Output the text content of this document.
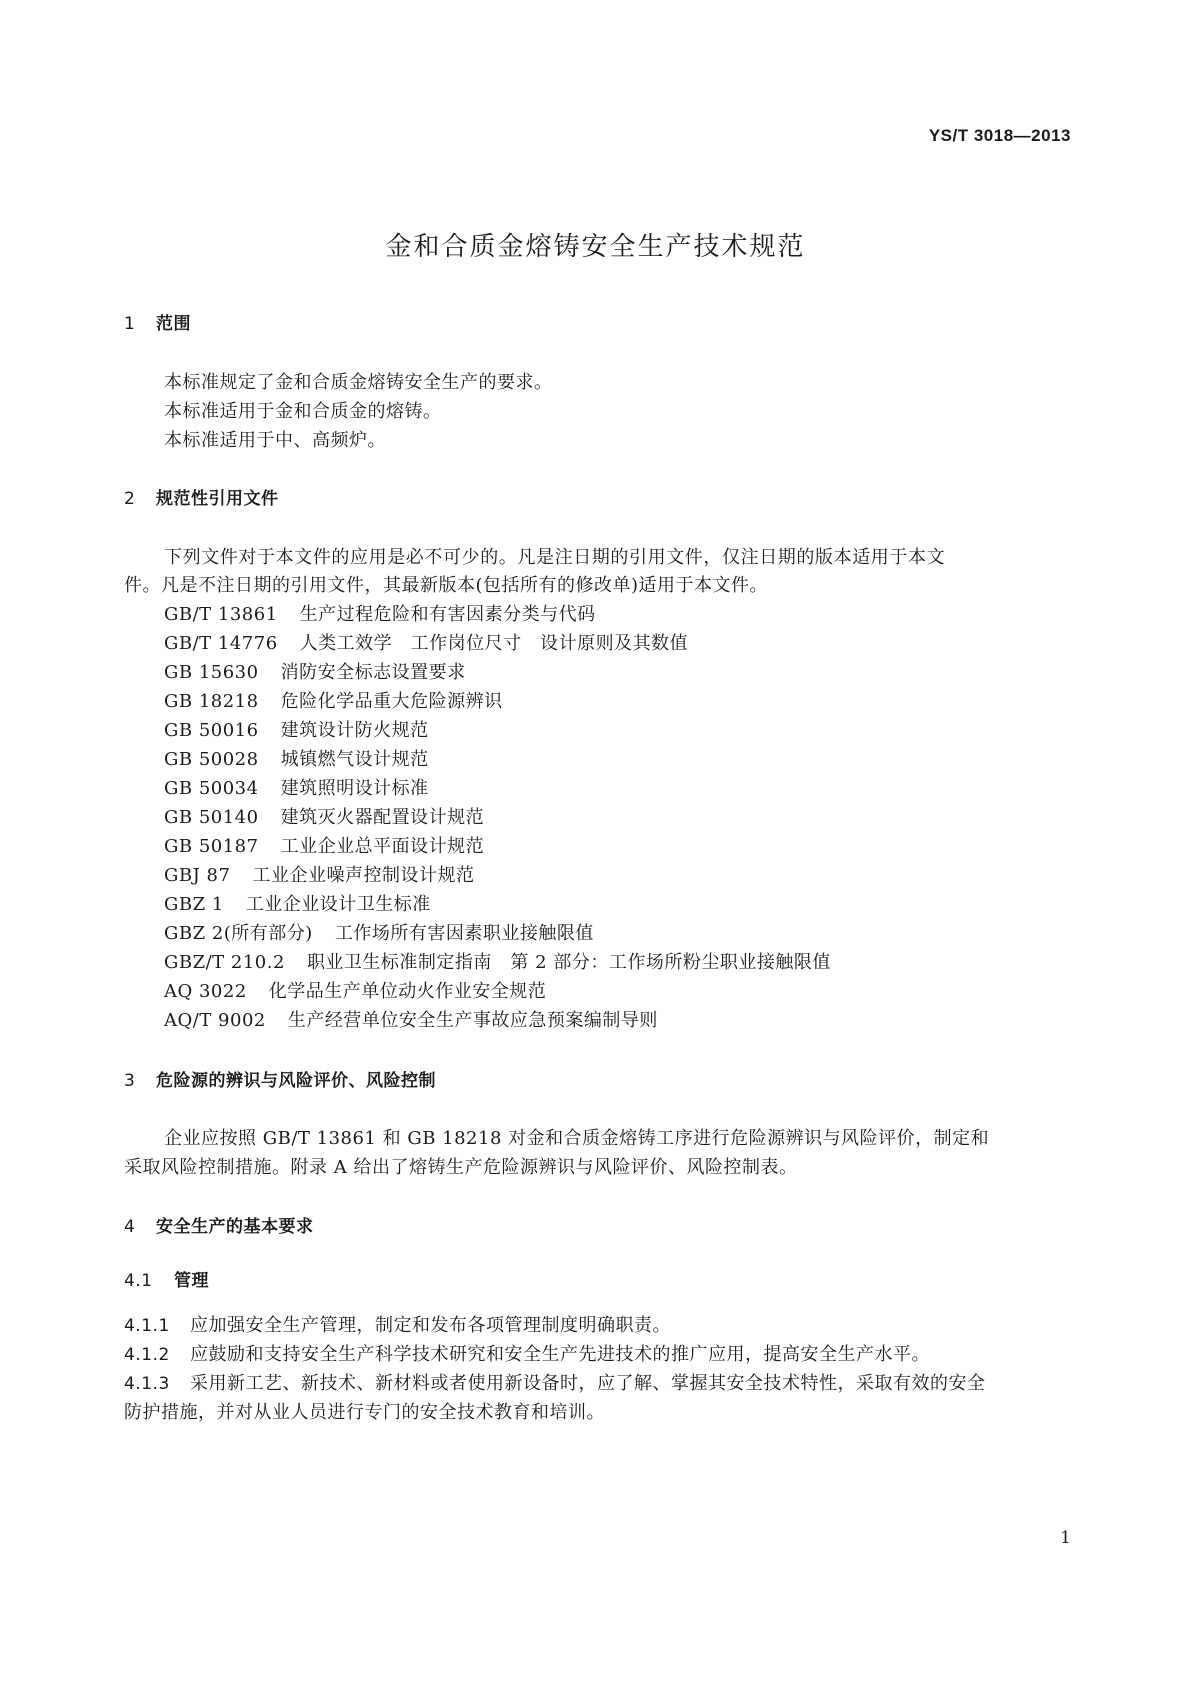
YS/T 3018—2013
金和合质金熔铸安全生产技术规范
1 范围
本标准规定了金和合质金熔铸安全生产的要求。
本标准适用于金和合质金的熔铸。
本标准适用于中、高频炉。
2 规范性引用文件
下列文件对于本文件的应用是必不可少的。凡是注日期的引用文件，仅注日期的版本适用于本文
件。凡是不注日期的引用文件，其最新版本(包括所有的修改单)适用于本文件。
GB/T 13861 生产过程危险和有害因素分类与代码
GB/T 14776 人类工效学　工作岗位尺寸　设计原则及其数值
GB 15630 消防安全标志设置要求
GB 18218 危险化学品重大危险源辨识
GB 50016 建筑设计防火规范
GB 50028 城镇燃气设计规范
GB 50034 建筑照明设计标准
GB 50140 建筑灭火器配置设计规范
GB 50187 工业企业总平面设计规范
GBJ 87 工业企业噪声控制设计规范
GBZ 1 工业企业设计卫生标准
GBZ 2(所有部分) 工作场所有害因素职业接触限值
GBZ/T 210.2 职业卫生标准制定指南　第 2 部分：工作场所粉尘职业接触限值
AQ 3022 化学品生产单位动火作业安全规范
AQ/T 9002 生产经营单位安全生产事故应急预案编制导则
3 危险源的辨识与风险评价、风险控制
企业应按照 GB/T 13861 和 GB 18218 对金和合质金熔铸工序进行危险源辨识与风险评价，制定和
采取风险控制措施。附录 A 给出了熔铸生产危险源辨识与风险评价、风险控制表。
4 安全生产的基本要求
4.1 管理
4.1.1 应加强安全生产管理，制定和发布各项管理制度明确职责。
4.1.2 应鼓励和支持安全生产科学技术研究和安全生产先进技术的推广应用，提高安全生产水平。
4.1.3 采用新工艺、新技术、新材料或者使用新设备时，应了解、掌握其安全技术特性，采取有效的安全
防护措施，并对从业人员进行专门的安全技术教育和培训。
1
